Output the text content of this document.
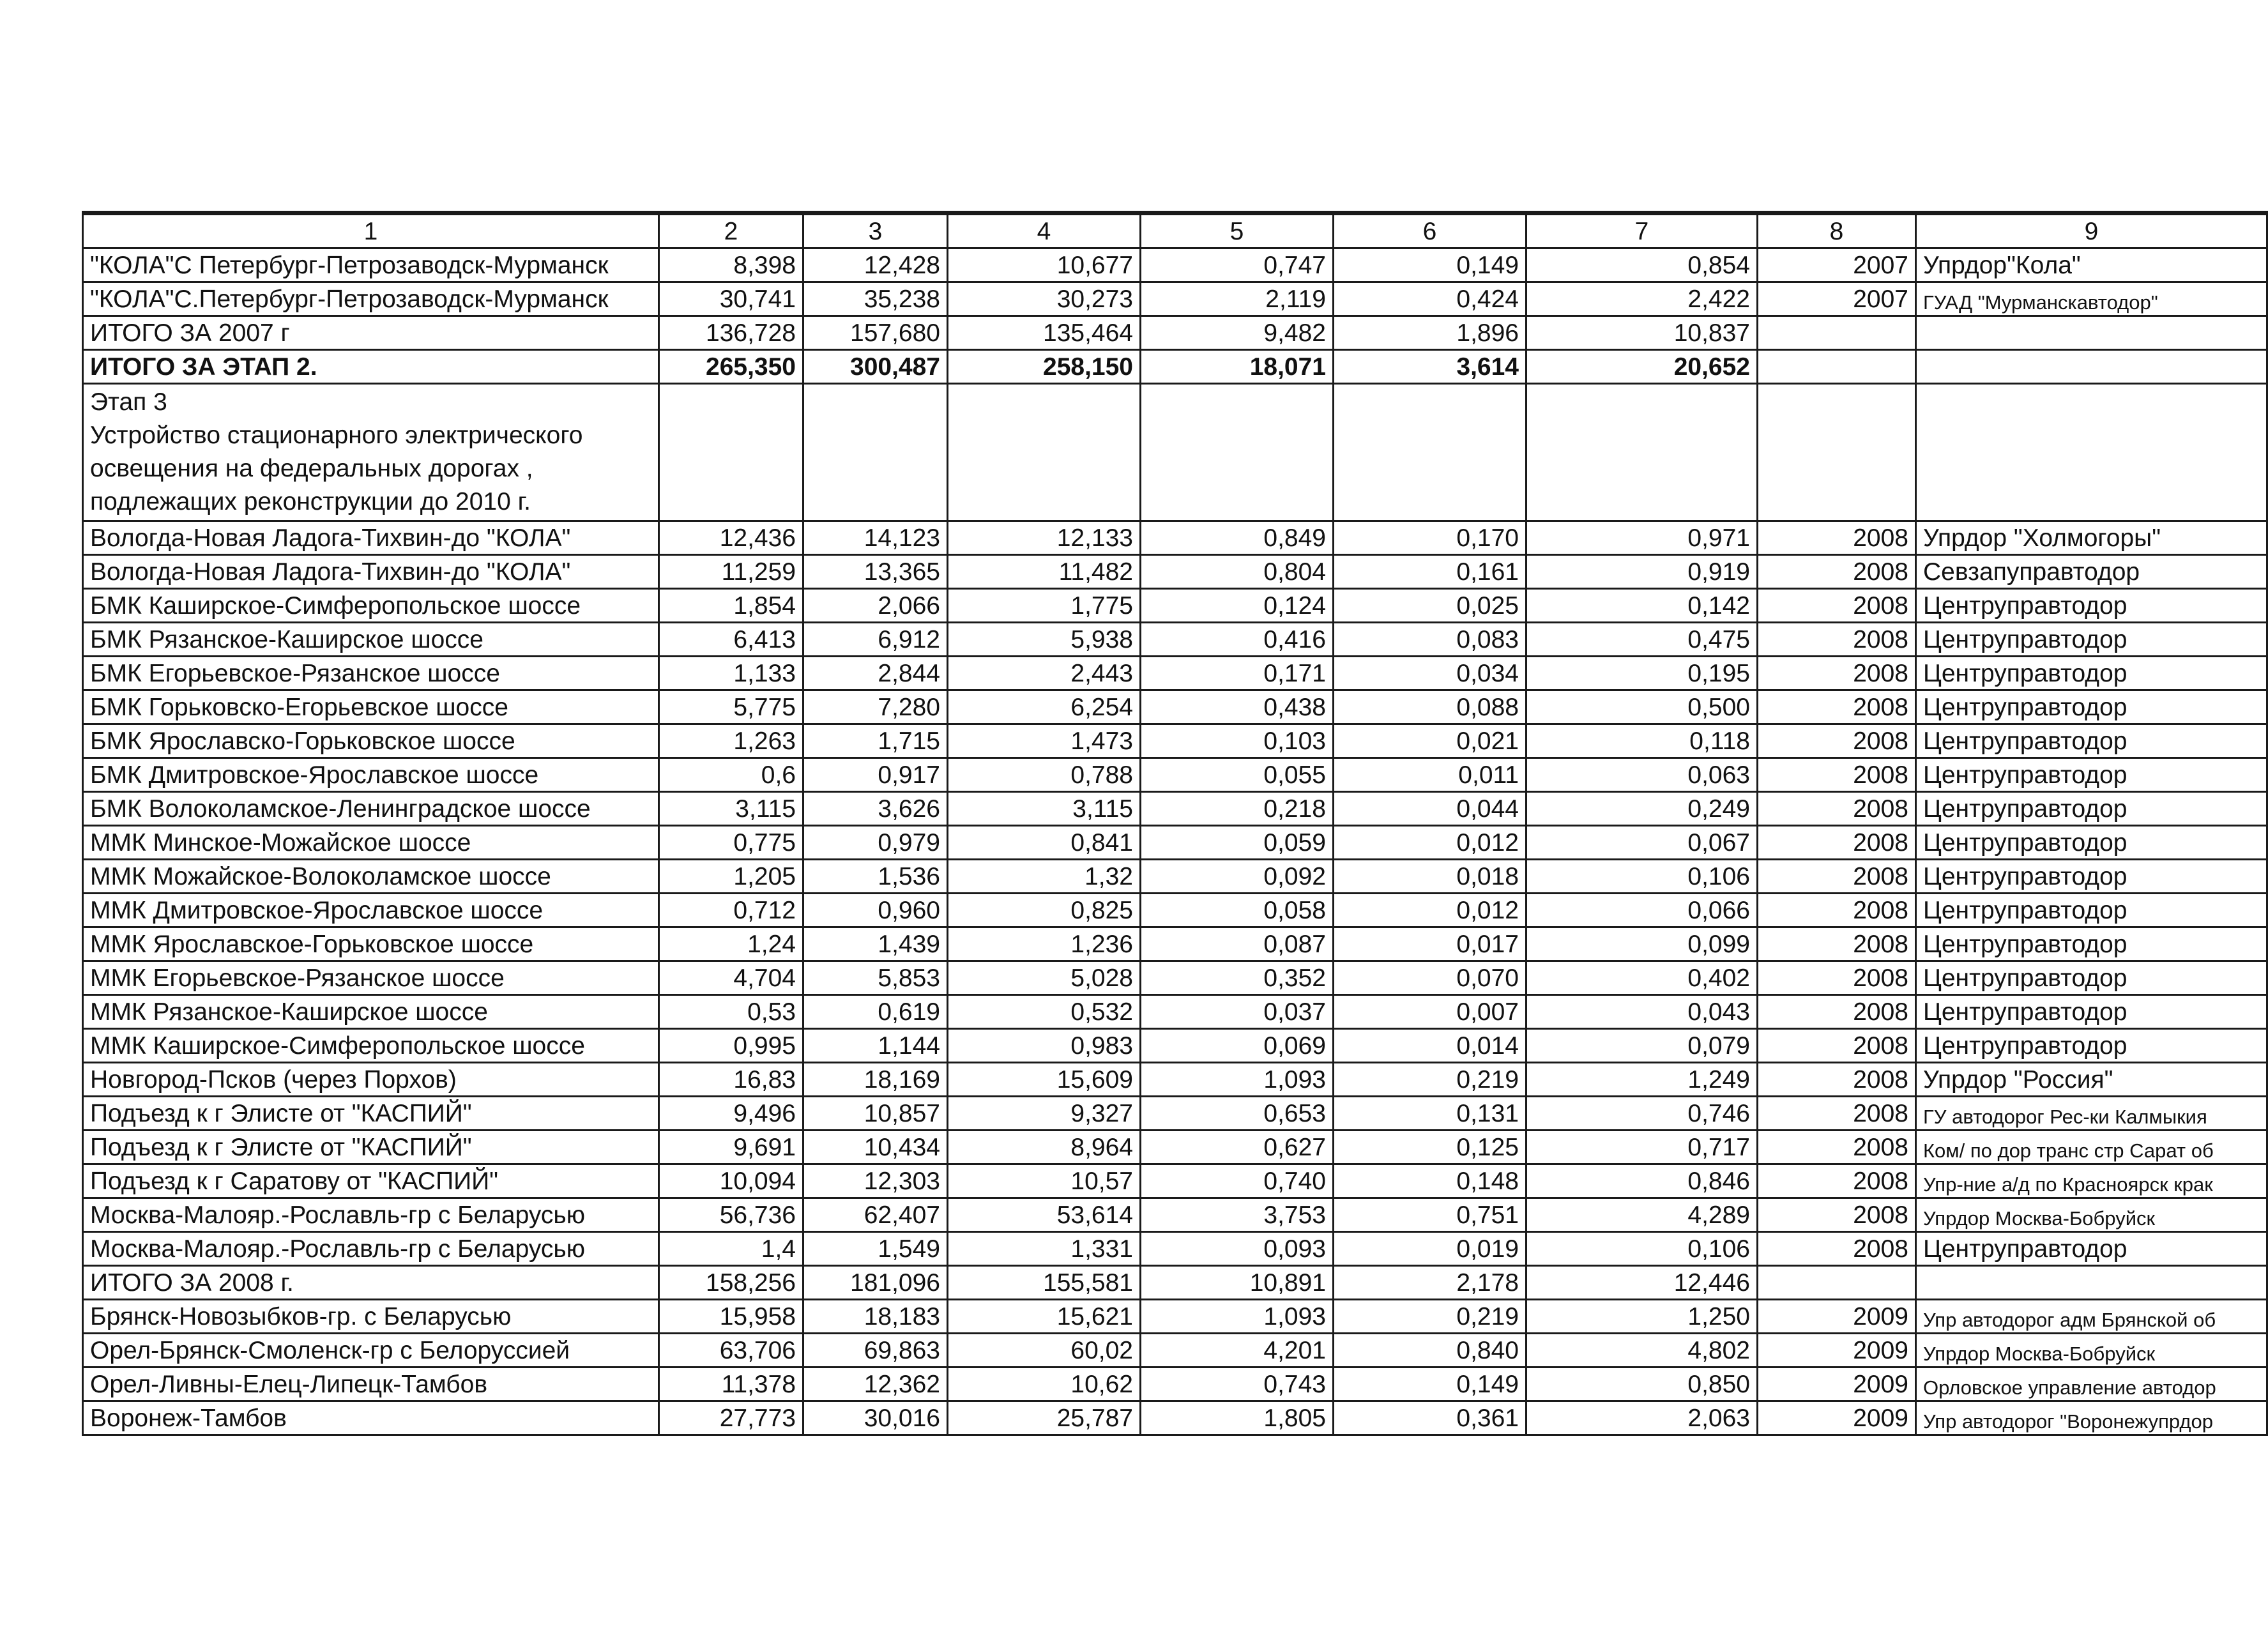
1	2	3	4	5	6	7	8	9
"КОЛА"С Петербург-Петрозаводск-Мурманск	8,398	12,428	10,677	0,747	0,149	0,854	2007	Упрдор"Кола"
"КОЛА"С.Петербург-Петрозаводск-Мурманск	30,741	35,238	30,273	2,119	0,424	2,422	2007	ГУАД "Мурманскавтодор"
ИТОГО ЗА 2007 г	136,728	157,680	135,464	9,482	1,896	10,837		
ИТОГО ЗА ЭТАП 2.	265,350	300,487	258,150	18,071	3,614	20,652		
Этап 3
Устройство стационарного электрического освещения на федеральных дорогах , подлежащих реконструкции до 2010 г.								
Вологда-Новая Ладога-Тихвин-до "КОЛА"	12,436	14,123	12,133	0,849	0,170	0,971	2008	Упрдор "Холмогоры"
Вологда-Новая Ладога-Тихвин-до "КОЛА"	11,259	13,365	11,482	0,804	0,161	0,919	2008	Севзапуправтодор
БМК Каширское-Симферопольское шоссе	1,854	2,066	1,775	0,124	0,025	0,142	2008	Центруправтодор
БМК Рязанское-Каширское шоссе	6,413	6,912	5,938	0,416	0,083	0,475	2008	Центруправтодор
БМК Егорьевское-Рязанское шоссе	1,133	2,844	2,443	0,171	0,034	0,195	2008	Центруправтодор
БМК Горьковско-Егорьевское шоссе	5,775	7,280	6,254	0,438	0,088	0,500	2008	Центруправтодор
БМК Ярославско-Горьковское шоссе	1,263	1,715	1,473	0,103	0,021	0,118	2008	Центруправтодор
БМК Дмитровское-Ярославское шоссе	0,6	0,917	0,788	0,055	0,011	0,063	2008	Центруправтодор
БМК Волоколамское-Ленинградское шоссе	3,115	3,626	3,115	0,218	0,044	0,249	2008	Центруправтодор
ММК Минское-Можайское шоссе	0,775	0,979	0,841	0,059	0,012	0,067	2008	Центруправтодор
ММК Можайское-Волоколамское шоссе	1,205	1,536	1,32	0,092	0,018	0,106	2008	Центруправтодор
ММК Дмитровское-Ярославское шоссе	0,712	0,960	0,825	0,058	0,012	0,066	2008	Центруправтодор
ММК Ярославское-Горьковское шоссе	1,24	1,439	1,236	0,087	0,017	0,099	2008	Центруправтодор
ММК Егорьевское-Рязанское шоссе	4,704	5,853	5,028	0,352	0,070	0,402	2008	Центруправтодор
ММК Рязанское-Каширское шоссе	0,53	0,619	0,532	0,037	0,007	0,043	2008	Центруправтодор
ММК Каширское-Симферопольское шоссе	0,995	1,144	0,983	0,069	0,014	0,079	2008	Центруправтодор
Новгород-Псков (через Порхов)	16,83	18,169	15,609	1,093	0,219	1,249	2008	Упрдор "Россия"
Подъезд к г Элисте от "КАСПИЙ"	9,496	10,857	9,327	0,653	0,131	0,746	2008	ГУ автодорог Рес-ки Калмыкия
Подъезд к г Элисте от "КАСПИЙ"	9,691	10,434	8,964	0,627	0,125	0,717	2008	Ком/ по дор транс стр Сарат об
Подъезд к г Саратову от "КАСПИЙ"	10,094	12,303	10,57	0,740	0,148	0,846	2008	Упр-ние а/д по Красноярск крак
Москва-Малояр.-Рославль-гр с Беларусью	56,736	62,407	53,614	3,753	0,751	4,289	2008	Упрдор Москва-Бобруйск
Москва-Малояр.-Рославль-гр с Беларусью	1,4	1,549	1,331	0,093	0,019	0,106	2008	Центруправтодор
ИТОГО ЗА 2008 г.	158,256	181,096	155,581	10,891	2,178	12,446		
Брянск-Новозыбков-гр. с Беларусью	15,958	18,183	15,621	1,093	0,219	1,250	2009	Упр автодорог адм Брянской об
Орел-Брянск-Смоленск-гр с Белоруссией	63,706	69,863	60,02	4,201	0,840	4,802	2009	Упрдор Москва-Бобруйск
Орел-Ливны-Елец-Липецк-Тамбов	11,378	12,362	10,62	0,743	0,149	0,850	2009	Орловское управление автодор
Воронеж-Тамбов	27,773	30,016	25,787	1,805	0,361	2,063	2009	Упр автодорог "Воронежупрдор
